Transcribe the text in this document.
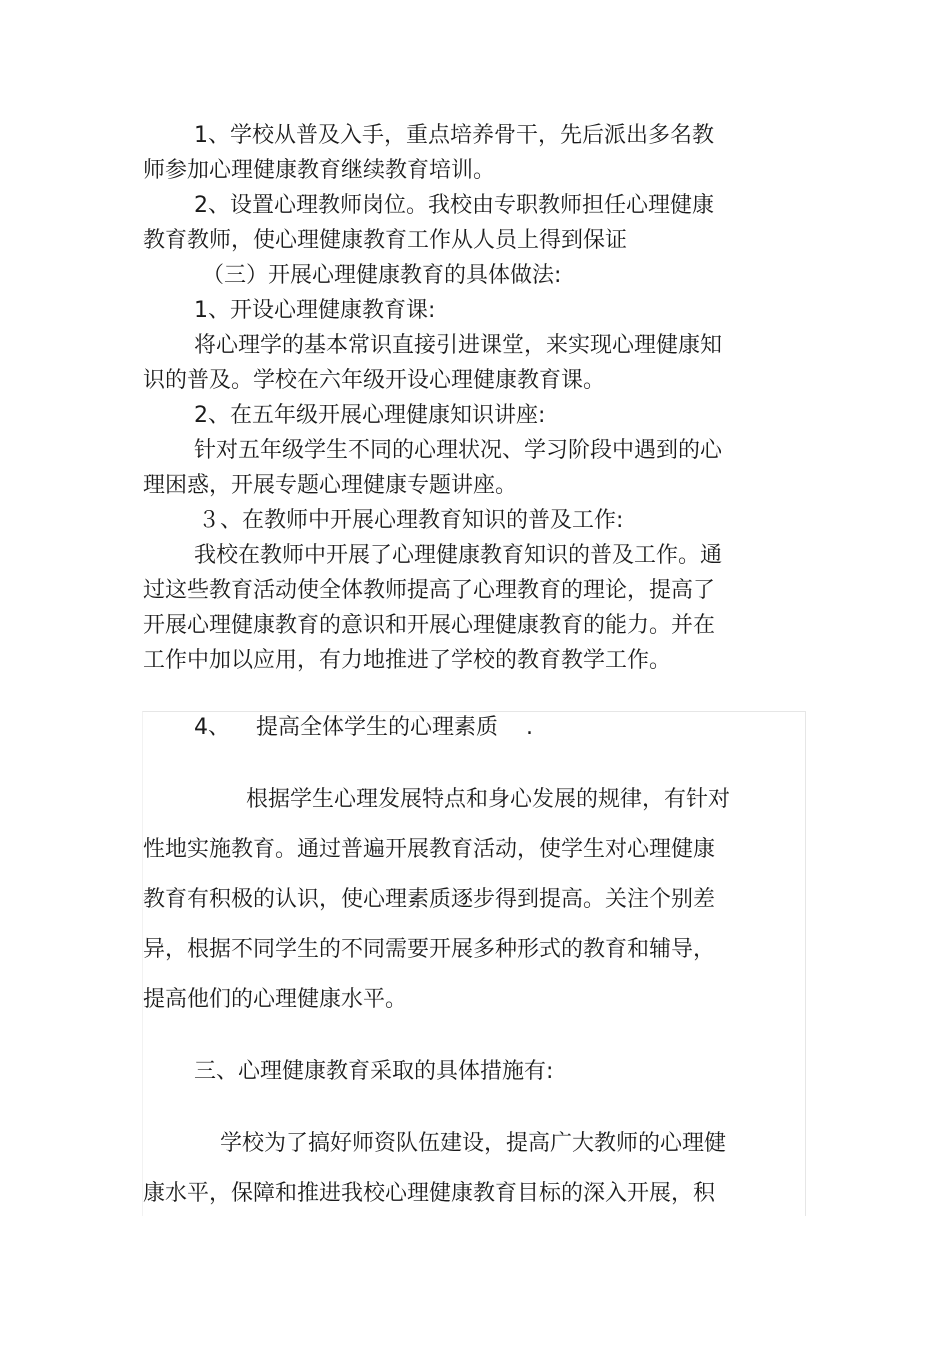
1、学校从普及入手，重点培养骨干，先后派出多名教

师参加心理健康教育继续教育培训。

2、设置心理教师岗位。我校由专职教师担任心理健康

教育教师，使心理健康教育工作从人员上得到保证

（三）开展心理健康教育的具体做法:

1、开设心理健康教育课:

将心理学的基本常识直接引进课堂，来实现心理健康知

识的普及。学校在六年级开设心理健康教育课。

2、在五年级开展心理健康知识讲座:

针对五年级学生不同的心理状况、学习阶段中遇到的心

理困惑，开展专题心理健康专题讲座。

３、在教师中开展心理教育知识的普及工作:

我校在教师中开展了心理健康教育知识的普及工作。通

过这些教育活动使全体教师提高了心理教育的理论，提高了

开展心理健康教育的意识和开展心理健康教育的能力。并在

工作中加以应用，有力地推进了学校的教育教学工作。

4、 提高全体学生的心理素质 .

根据学生心理发展特点和身心发展的规律，有针对

性地实施教育。通过普遍开展教育活动，使学生对心理健康

教育有积极的认识，使心理素质逐步得到提高。关注个别差

异，根据不同学生的不同需要开展多种形式的教育和辅导，

提高他们的心理健康水平。

三、心理健康教育采取的具体措施有:

学校为了搞好师资队伍建设，提高广大教师的心理健

康水平，保障和推进我校心理健康教育目标的深入开展，积
